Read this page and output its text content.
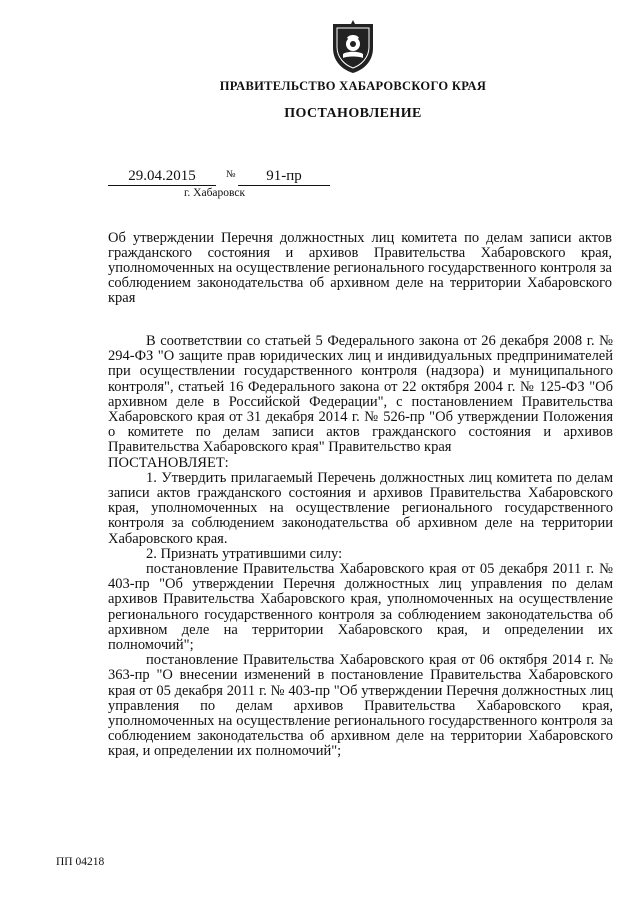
ПРАВИТЕЛЬСТВО ХАБАРОВСКОГО КРАЯ
ПОСТАНОВЛЕНИЕ
29.04.2015	№	91-пр
г. Хабаровск
Об утверждении Перечня должностных лиц комитета по делам записи актов гражданского состояния и архивов Правительства Хабаровского края, уполномоченных на осуществление регионального государственного контроля за соблюдением законодательства об архивном деле на территории Хабаровского края

В соответствии со статьей 5 Федерального закона от 26 декабря 2008 г. № 294-ФЗ "О защите прав юридических лиц и индивидуальных предпринимателей при осуществлении государственного контроля (надзора) и муниципального контроля", статьей 16 Федерального закона от 22 октября 2004 г. № 125-ФЗ "Об архивном деле в Российской Федерации", с постановлением Правительства Хабаровского края от 31 декабря 2014 г. № 526-пр "Об утверждении Положения о комитете по делам записи актов гражданского состояния и архивов Правительства Хабаровского края" Правительство края

ПОСТАНОВЛЯЕТ:

1. Утвердить прилагаемый Перечень должностных лиц комитета по делам записи актов гражданского состояния и архивов Правительства Хабаровского края, уполномоченных на осуществление регионального государственного контроля за соблюдением законодательства об архивном деле на территории Хабаровского края.

2. Признать утратившими силу:

постановление Правительства Хабаровского края от 05 декабря 2011 г. № 403-пр "Об утверждении Перечня должностных лиц управления по делам архивов Правительства Хабаровского края, уполномоченных на осуществление регионального государственного контроля за соблюдением законодательства об архивном деле на территории Хабаровского края, и определении их полномочий";

постановление Правительства Хабаровского края от 06 октября 2014 г. № 363-пр "О внесении изменений в постановление Правительства Хабаровского края от 05 декабря 2011 г. № 403-пр "Об утверждении Перечня должностных лиц управления по делам архивов Правительства Хабаровского края, уполномоченных на осуществление регионального государственного контроля за соблюдением законодательства об архивном деле на территории Хабаровского края, и определении их полномочий";

ПП 04218
